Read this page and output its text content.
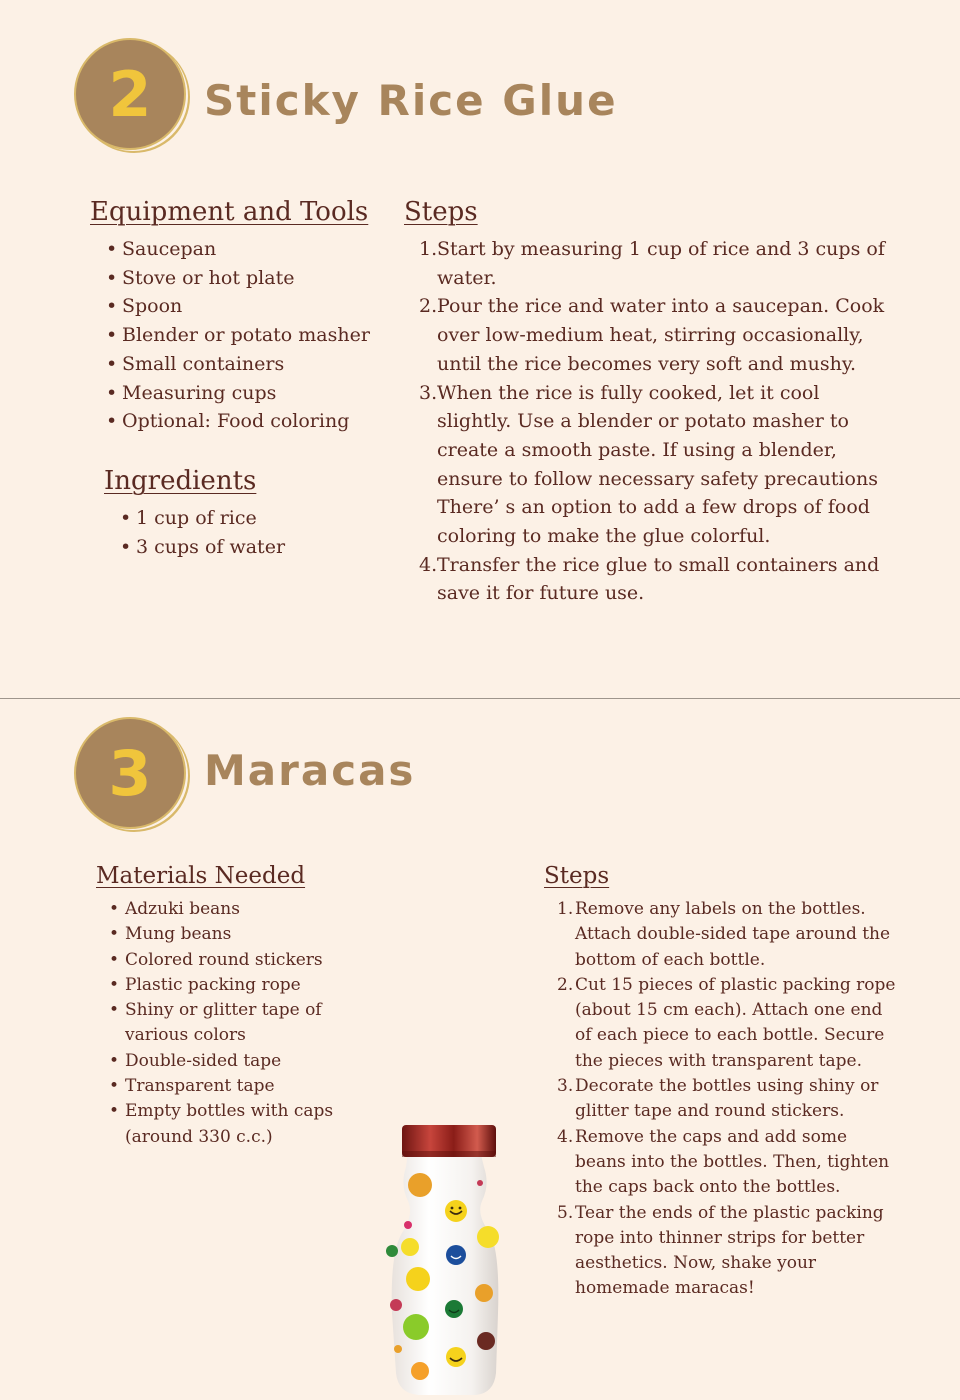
2	Sticky Rice Glue
Equipment and Tools
• Saucepan
• Stove or hot plate
• Spoon
• Blender or potato masher
• Small containers
• Measuring cups
• Optional: Food coloring
Ingredients
• 1 cup of rice
• 3 cups of water
Steps
1. Start by measuring 1 cup of rice and 3 cups of water.
2. Pour the rice and water into a saucepan. Cook over low-medium heat, stirring occasionally, until the rice becomes very soft and mushy.
3. When the rice is fully cooked, let it cool slightly. Use a blender or potato masher to create a smooth paste. If using a blender, ensure to follow necessary safety precautions There’ s an option to add a few drops of food coloring to make the glue colorful.
4. Transfer the rice glue to small containers and save it for future use.
3	Maracas
Materials Needed
• Adzuki beans
• Mung beans
• Colored round stickers
• Plastic packing rope
• Shiny or glitter tape of various colors
• Double-sided tape
• Transparent tape
• Empty bottles with caps (around 330 c.c.)
Steps
1. Remove any labels on the bottles. Attach double-sided tape around the bottom of each bottle.
2. Cut 15 pieces of plastic packing rope (about 15 cm each). Attach one end of each piece to each bottle. Secure the pieces with transparent tape.
3. Decorate the bottles using shiny or glitter tape and round stickers.
4. Remove the caps and add some beans into the bottles. Then, tighten the caps back onto the bottles.
5. Tear the ends of the plastic packing rope into thinner strips for better aesthetics. Now, shake your homemade maracas!
